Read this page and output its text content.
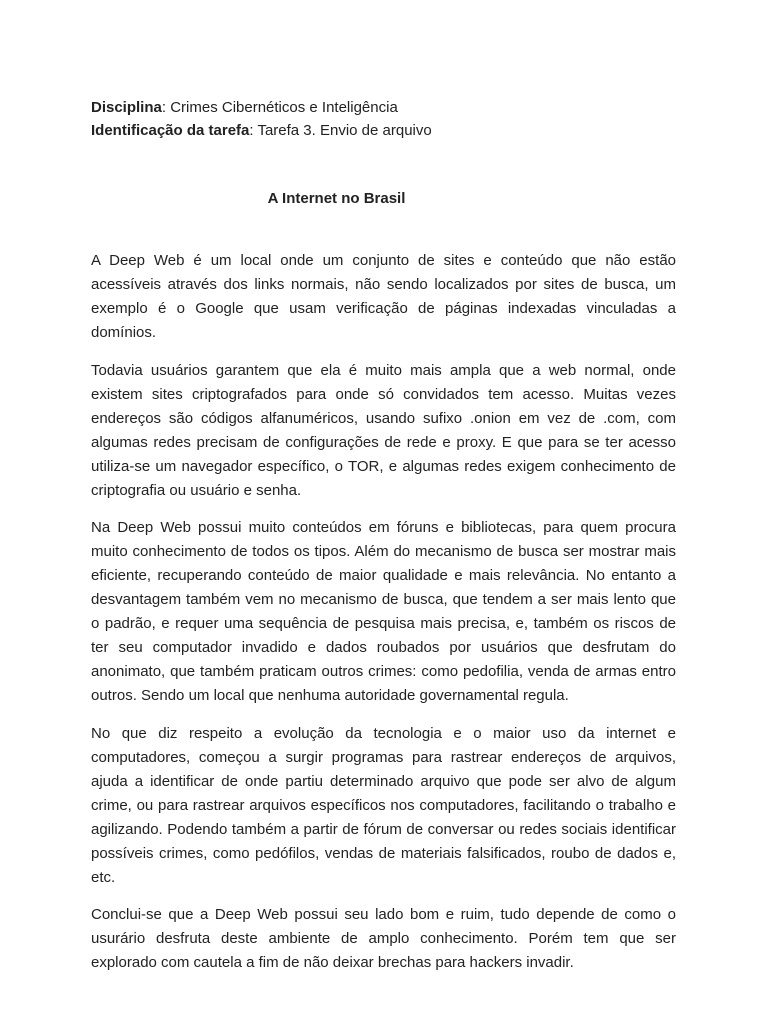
Disciplina: Crimes Cibernéticos e Inteligência
Identificação da tarefa: Tarefa 3. Envio de arquivo
A Internet no Brasil

A Deep Web é um local onde um conjunto de sites e conteúdo que não estão acessíveis através dos links normais, não sendo localizados por sites de busca, um exemplo é o Google que usam verificação de páginas indexadas vinculadas a domínios.

Todavia usuários garantem que ela é muito mais ampla que a web normal, onde existem sites criptografados para onde só convidados tem acesso. Muitas vezes endereços são códigos alfanuméricos, usando sufixo .onion em vez de .com, com algumas redes precisam de configurações de rede e proxy. E que para se ter acesso utiliza-se um navegador específico, o TOR, e algumas redes exigem conhecimento de criptografia ou usuário e senha.

Na Deep Web possui muito conteúdos em fóruns e bibliotecas, para quem procura muito conhecimento de todos os tipos. Além do mecanismo de busca ser mostrar mais eficiente, recuperando conteúdo de maior qualidade e mais relevância. No entanto a desvantagem também vem no mecanismo de busca, que tendem a ser mais lento que o padrão, e requer uma sequência de pesquisa mais precisa, e, também os riscos de ter seu computador invadido e dados roubados por usuários que desfrutam do anonimato, que também praticam outros crimes: como pedofilia, venda de armas entro outros. Sendo um local que nenhuma autoridade governamental regula.

No que diz respeito a evolução da tecnologia e o maior uso da internet e computadores, começou a surgir programas para rastrear endereços de arquivos, ajuda a identificar de onde partiu determinado arquivo que pode ser alvo de algum crime, ou para rastrear arquivos específicos nos computadores, facilitando o trabalho e agilizando. Podendo também a partir de fórum de conversar ou redes sociais identificar possíveis crimes, como pedófilos, vendas de materiais falsificados, roubo de dados e, etc.

Conclui-se que a Deep Web possui seu lado bom e ruim, tudo depende de como o usurário desfruta deste ambiente de amplo conhecimento. Porém tem que ser explorado com cautela a fim de não deixar brechas para hackers invadir.
